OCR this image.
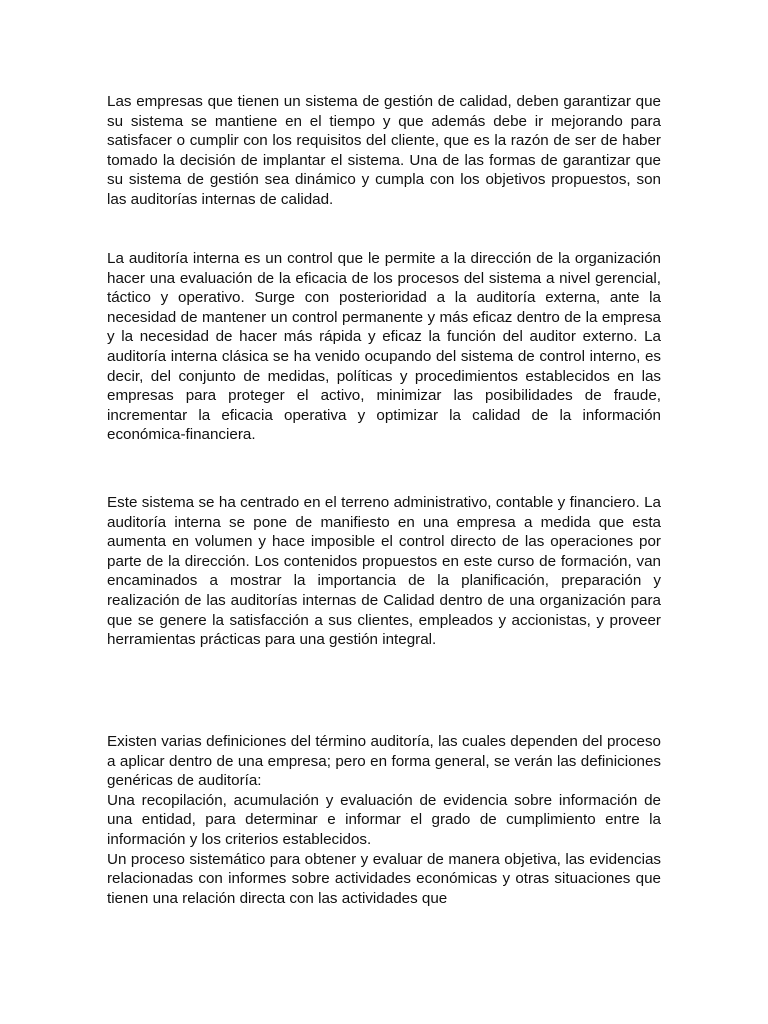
Las empresas que tienen un sistema de gestión de calidad, deben garantizar que su sistema se mantiene en el tiempo y que además debe ir mejorando para satisfacer o cumplir con los requisitos del cliente, que es la razón de ser de haber tomado la decisión de implantar el sistema. Una de las formas de garantizar que su sistema de gestión sea dinámico y cumpla con los objetivos propuestos, son las auditorías internas de calidad.

La auditoría interna es un control que le permite a la dirección de la organización hacer una evaluación de la eficacia de los procesos del sistema a nivel gerencial, táctico y operativo. Surge con posterioridad a la auditoría externa, ante la necesidad de mantener un control permanente y más eficaz dentro de la empresa y la necesidad de hacer más rápida y eficaz la función del auditor externo. La auditoría interna clásica se ha venido ocupando del sistema de control interno, es decir, del conjunto de medidas, políticas y procedimientos establecidos en las empresas para proteger el activo, minimizar las posibilidades de fraude, incrementar la eficacia operativa y optimizar la calidad de la información económica-financiera.

Este sistema se ha centrado en el terreno administrativo, contable y financiero. La auditoría interna se pone de manifiesto en una empresa a medida que esta aumenta en volumen y hace imposible el control directo de las operaciones por parte de la dirección. Los contenidos propuestos en este curso de formación, van encaminados a mostrar la importancia de la planificación, preparación y realización de las auditorías internas de Calidad dentro de una organización para que se genere la satisfacción a sus clientes, empleados y accionistas, y proveer herramientas prácticas para una gestión integral.

Existen varias definiciones del término auditoría, las cuales dependen del proceso a aplicar dentro de una empresa; pero en forma general, se verán las definiciones genéricas de auditoría:

Una recopilación, acumulación y evaluación de evidencia sobre información de una entidad, para determinar e informar el grado de cumplimiento entre la información y los criterios establecidos.

Un proceso sistemático para obtener y evaluar de manera objetiva, las evidencias relacionadas con informes sobre actividades económicas y otras situaciones que tienen una relación directa con las actividades que
